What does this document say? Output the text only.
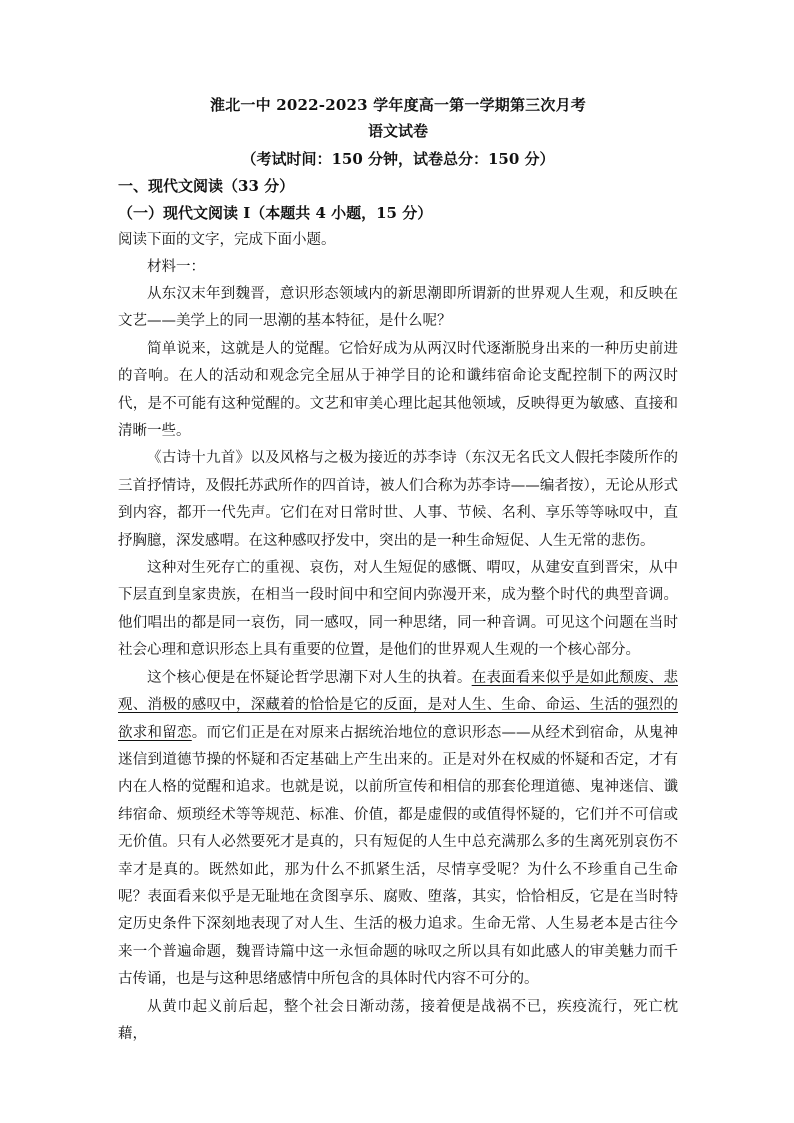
淮北一中 2022-2023 学年度高一第一学期第三次月考
语文试卷
（考试时间：150 分钟，试卷总分：150 分）
一、现代文阅读（33 分）
（一）现代文阅读 I（本题共 4 小题，15 分）
阅读下面的文字，完成下面小题。
材料一：

从东汉末年到魏晋，意识形态领域内的新思潮即所谓新的世界观人生观，和反映在文艺——美学上的同一思潮的基本特征，是什么呢？

简单说来，这就是人的觉醒。它恰好成为从两汉时代逐渐脱身出来的一种历史前进的音响。在人的活动和观念完全屈从于神学目的论和谶纬宿命论支配控制下的两汉时代，是不可能有这种觉醒的。文艺和审美心理比起其他领域，反映得更为敏感、直接和清晰一些。

《古诗十九首》以及风格与之极为接近的苏李诗（东汉无名氏文人假托李陵所作的三首抒情诗，及假托苏武所作的四首诗，被人们合称为苏李诗——编者按），无论从形式到内容，都开一代先声。它们在对日常时世、人事、节候、名利、享乐等等咏叹中，直抒胸臆，深发感喟。在这种感叹抒发中，突出的是一种生命短促、人生无常的悲伤。

这种对生死存亡的重视、哀伤，对人生短促的感慨、喟叹，从建安直到晋宋，从中下层直到皇家贵族，在相当一段时间中和空间内弥漫开来，成为整个时代的典型音调。他们唱出的都是同一哀伤，同一感叹，同一种思绪，同一种音调。可见这个问题在当时社会心理和意识形态上具有重要的位置，是他们的世界观人生观的一个核心部分。

这个核心便是在怀疑论哲学思潮下对人生的执着。在表面看来似乎是如此颓废、悲观、消极的感叹中，深藏着的恰恰是它的反面，是对人生、生命、命运、生活的强烈的欲求和留恋。而它们正是在对原来占据统治地位的意识形态——从经术到宿命，从鬼神迷信到道德节操的怀疑和否定基础上产生出来的。正是对外在权威的怀疑和否定，才有内在人格的觉醒和追求。也就是说，以前所宣传和相信的那套伦理道德、鬼神迷信、谶纬宿命、烦琐经术等等规范、标准、价值，都是虚假的或值得怀疑的，它们并不可信或无价值。只有人必然要死才是真的，只有短促的人生中总充满那么多的生离死别哀伤不幸才是真的。既然如此，那为什么不抓紧生活，尽情享受呢？为什么不珍重自己生命呢？表面看来似乎是无耻地在贪图享乐、腐败、堕落，其实，恰恰相反，它是在当时特定历史条件下深刻地表现了对人生、生活的极力追求。生命无常、人生易老本是古往今来一个普遍命题，魏晋诗篇中这一永恒命题的咏叹之所以具有如此感人的审美魅力而千古传诵，也是与这种思绪感情中所包含的具体时代内容不可分的。

从黄巾起义前后起，整个社会日渐动荡，接着便是战祸不已，疾疫流行，死亡枕藉，
